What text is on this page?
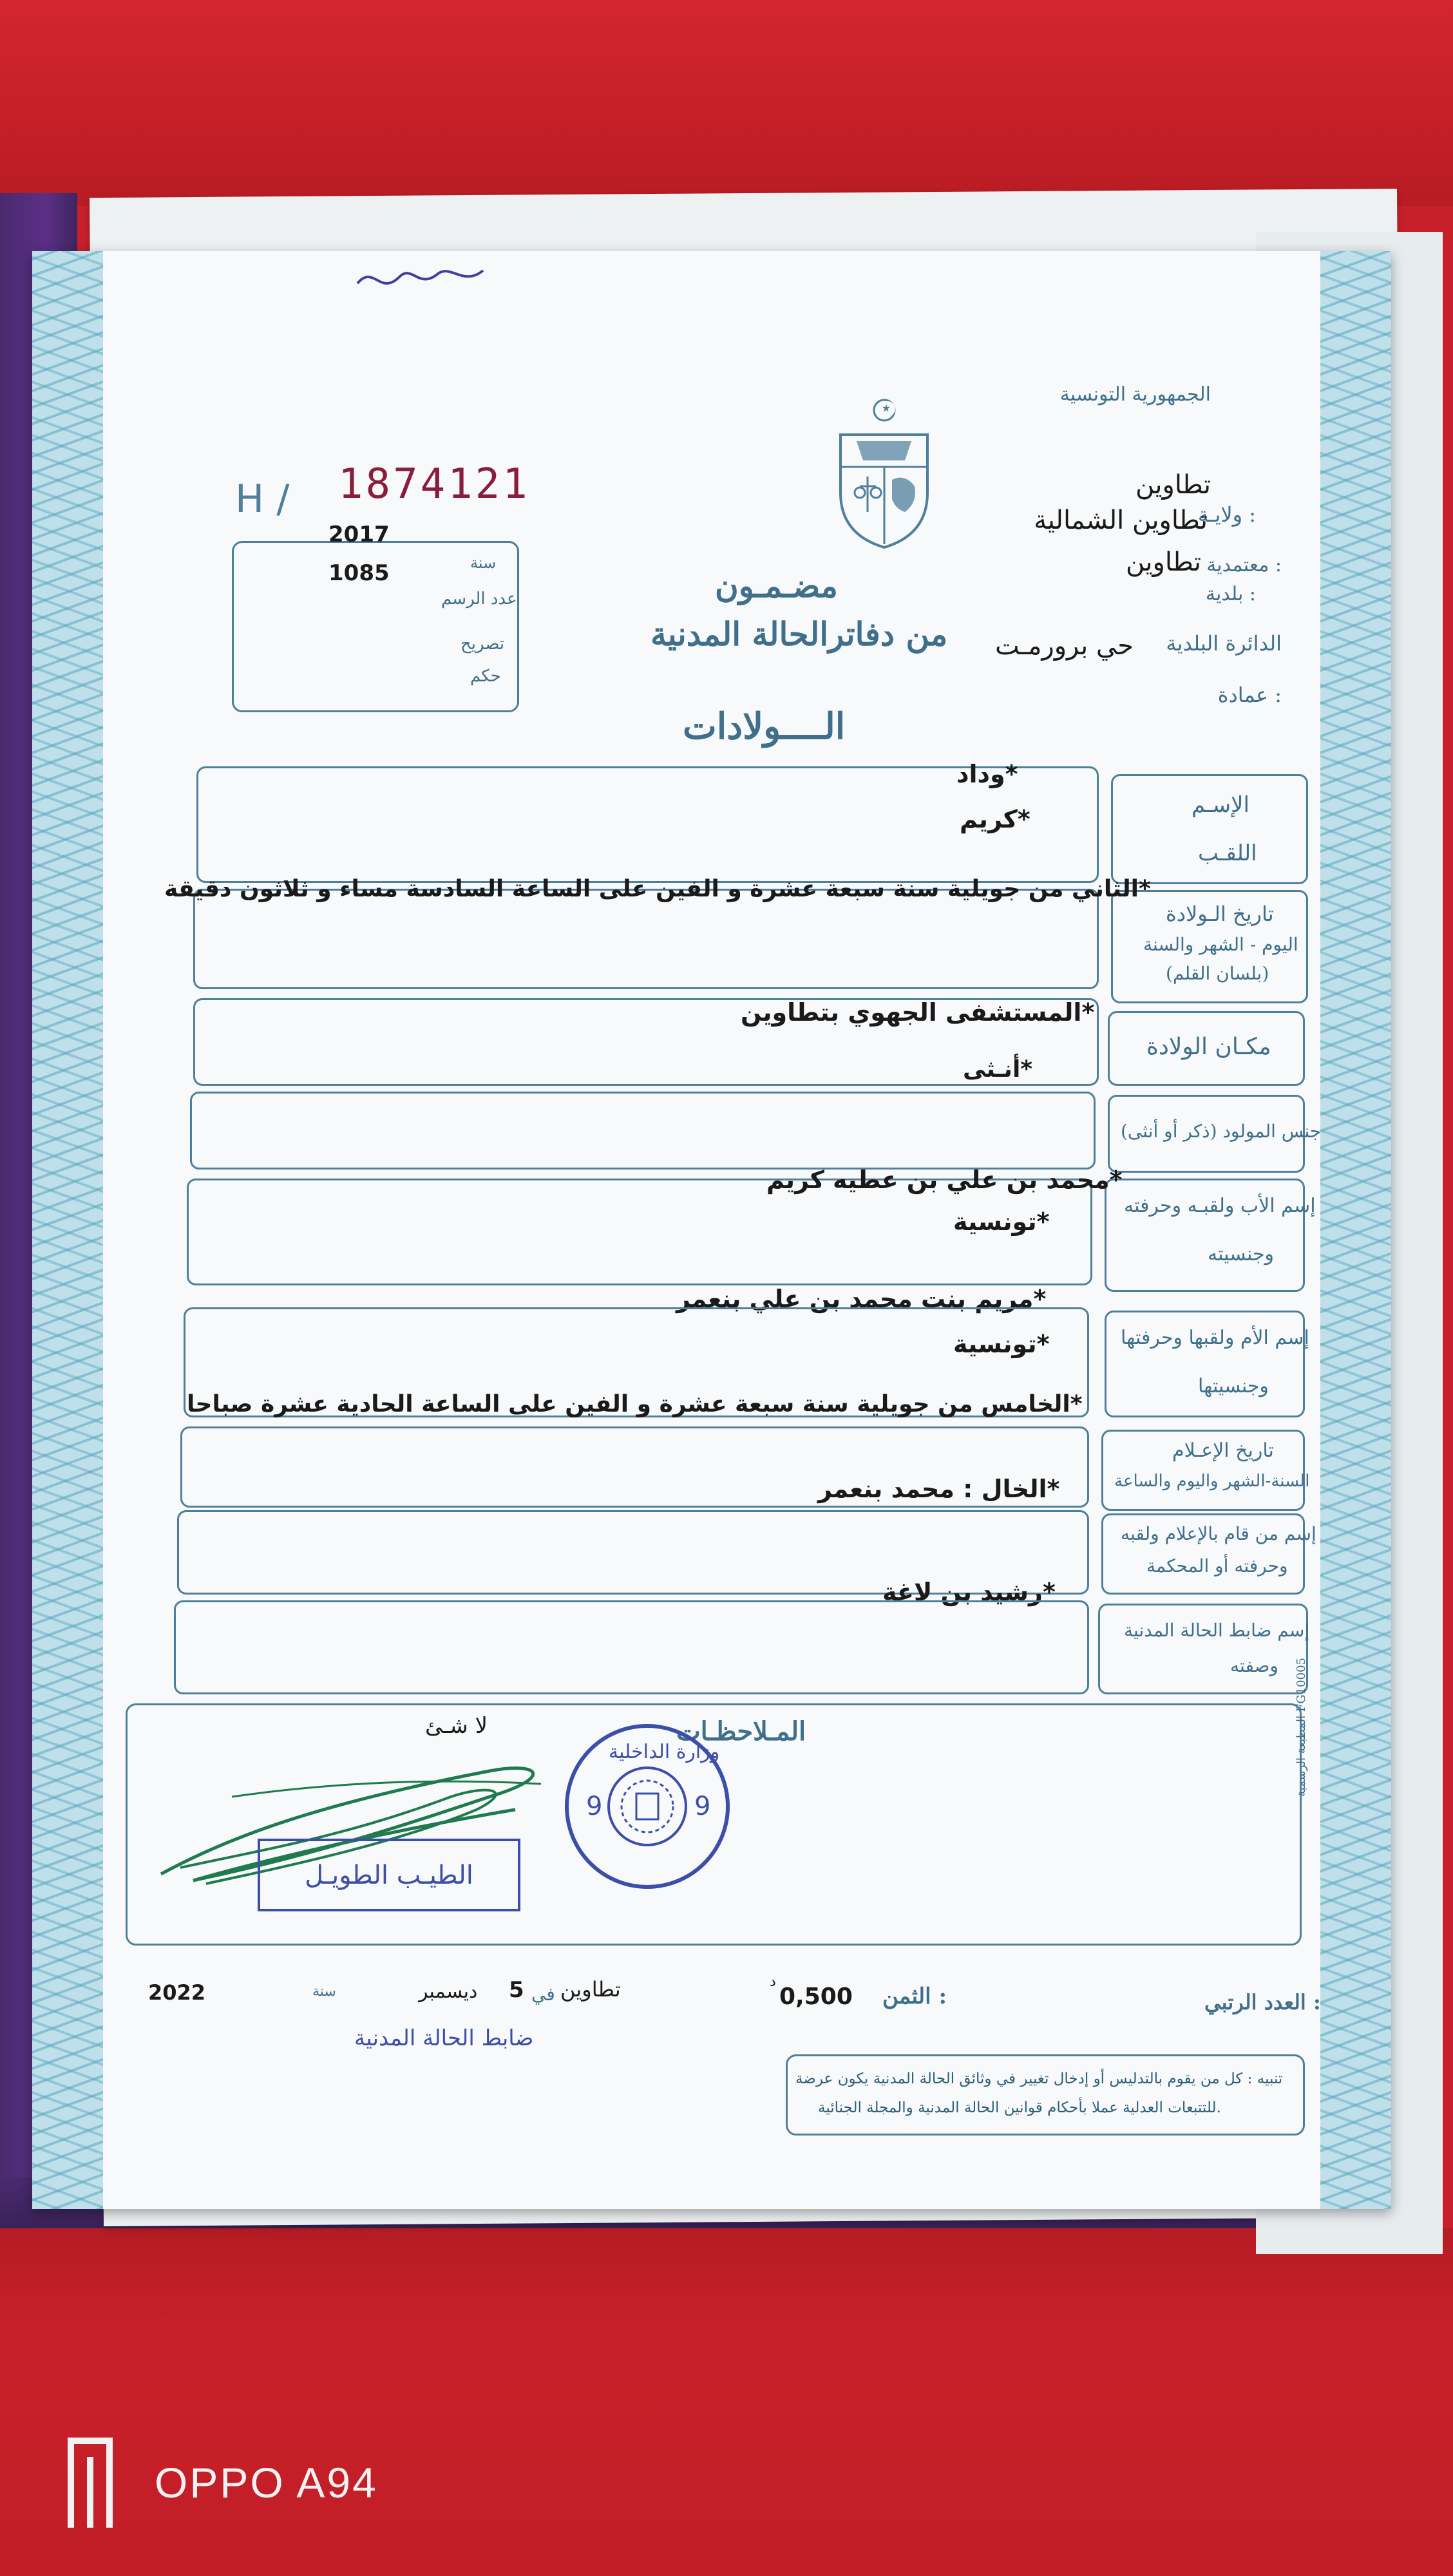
الجمهورية التونسية
ولايـة :
تطاوين
تطاوين الشمالية
معتمدية :
تطاوين
بلدية :
الدائرة البلدية
حي برورمـت
عمادة :
H / 1874121
2017
سنة
1085
عدد الرسم
تصريح
حكم
مضـمـون
من دفاترالحالة المدنية
الــــولادات
الإسـم
اللقـب
وداد*
كريم*
تاريخ الـولادة
اليوم - الشهر والسنة
(بلسان القلم)
الثاني من جويلية سنة سبعة عشرة و الفين على الساعة السادسة مساء و ثلاثون دقيقة*
مكـان الولادة
المستشفى الجهوي بتطاوين*
جنس المولود (ذكر أو أنثى)
أنـثى*
إسم الأب ولقبـه وحرفته
وجنسيته
محمد بن علي بن عطيه كريم*
تونسية*
مريم بنت محمد بن علي بنعمر*
إسم الأم ولقبها وحرفتها
وجنسيتها
تونسية*
الخامس من جويلية سنة سبعة عشرة و الفين على الساعة الحادية عشرة صباحا*
تاريخ الإعـلام
السنة-الشهر واليوم والساعة
الخال : محمد بنعمر*
إسم من قام بالإعلام ولقبه
وحرفته أو المحكمة
رشيد بن لاغة*
إسم ضابط الحالة المدنية
وصفته
المـلاحظـات
لا شـئ	المطبعة الرسمية FG10005
العدد الرتبي :
الثمن :
0,500
د
تطاوين
في
5
ديسمبر
سنة
2022
تنبيه : كل من يقوم بالتدليس أو إدخال تغيير في وثائق الحالة المدنية يكون عرضة
للتتبعات العدلية عملا بأحكام قوانين الحالة المدنية والمجلة الجنائية.
ضابط الحالة المدنية
الطيـب الطويـل
9	9
وزارة الداخلية
OPPO A94
